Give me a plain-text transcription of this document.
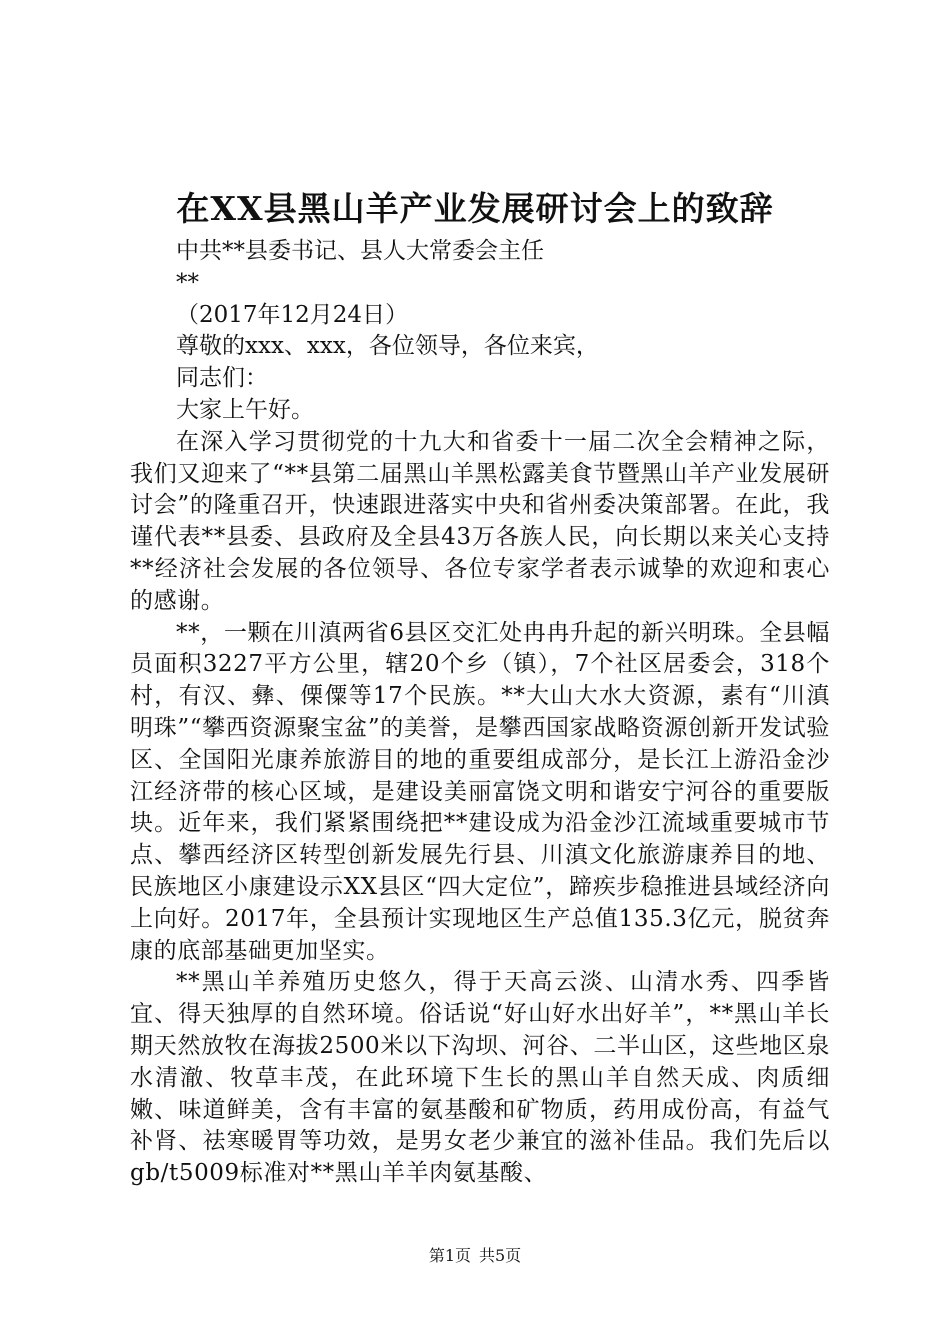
在XX县黑山羊产业发展研讨会上的致辞

中共**县委书记、县人大常委会主任

**

（2017年12月24日）

尊敬的xxx、xxx，各位领导，各位来宾，

同志们：

大家上午好。

在深入学习贯彻党的十九大和省委十一届二次全会精神之际，我们又迎来了“**县第二届黑山羊黑松露美食节暨黑山羊产业发展研讨会”的隆重召开，快速跟进落实中央和省州委决策部署。在此，我谨代表**县委、县政府及全县43万各族人民，向长期以来关心支持**经济社会发展的各位领导、各位专家学者表示诚挚的欢迎和衷心的感谢。

**，一颗在川滇两省6县区交汇处冉冉升起的新兴明珠。全县幅员面积3227平方公里，辖20个乡（镇），7个社区居委会，318个村，有汉、彝、傈僳等17个民族。**大山大水大资源，素有“川滇明珠”“攀西资源聚宝盆”的美誉，是攀西国家战略资源创新开发试验区、全国阳光康养旅游目的地的重要组成部分，是长江上游沿金沙江经济带的核心区域，是建设美丽富饶文明和谐安宁河谷的重要版块。近年来，我们紧紧围绕把**建设成为沿金沙江流域重要城市节点、攀西经济区转型创新发展先行县、川滇文化旅游康养目的地、民族地区小康建设示XX县区“四大定位”，蹄疾步稳推进县域经济向上向好。2017年，全县预计实现地区生产总值135.3亿元，脱贫奔康的底部基础更加坚实。

**黑山羊养殖历史悠久，得于天高云淡、山清水秀、四季皆宜、得天独厚的自然环境。俗话说“好山好水出好羊”，**黑山羊长期天然放牧在海拔2500米以下沟坝、河谷、二半山区，这些地区泉水清澈、牧草丰茂，在此环境下生长的黑山羊自然天成、肉质细嫩、味道鲜美，含有丰富的氨基酸和矿物质，药用成份高，有益气补肾、祛寒暖胃等功效，是男女老少兼宜的滋补佳品。我们先后以gb/t5009标准对**黑山羊羊肉氨基酸、

第1页 共5页
